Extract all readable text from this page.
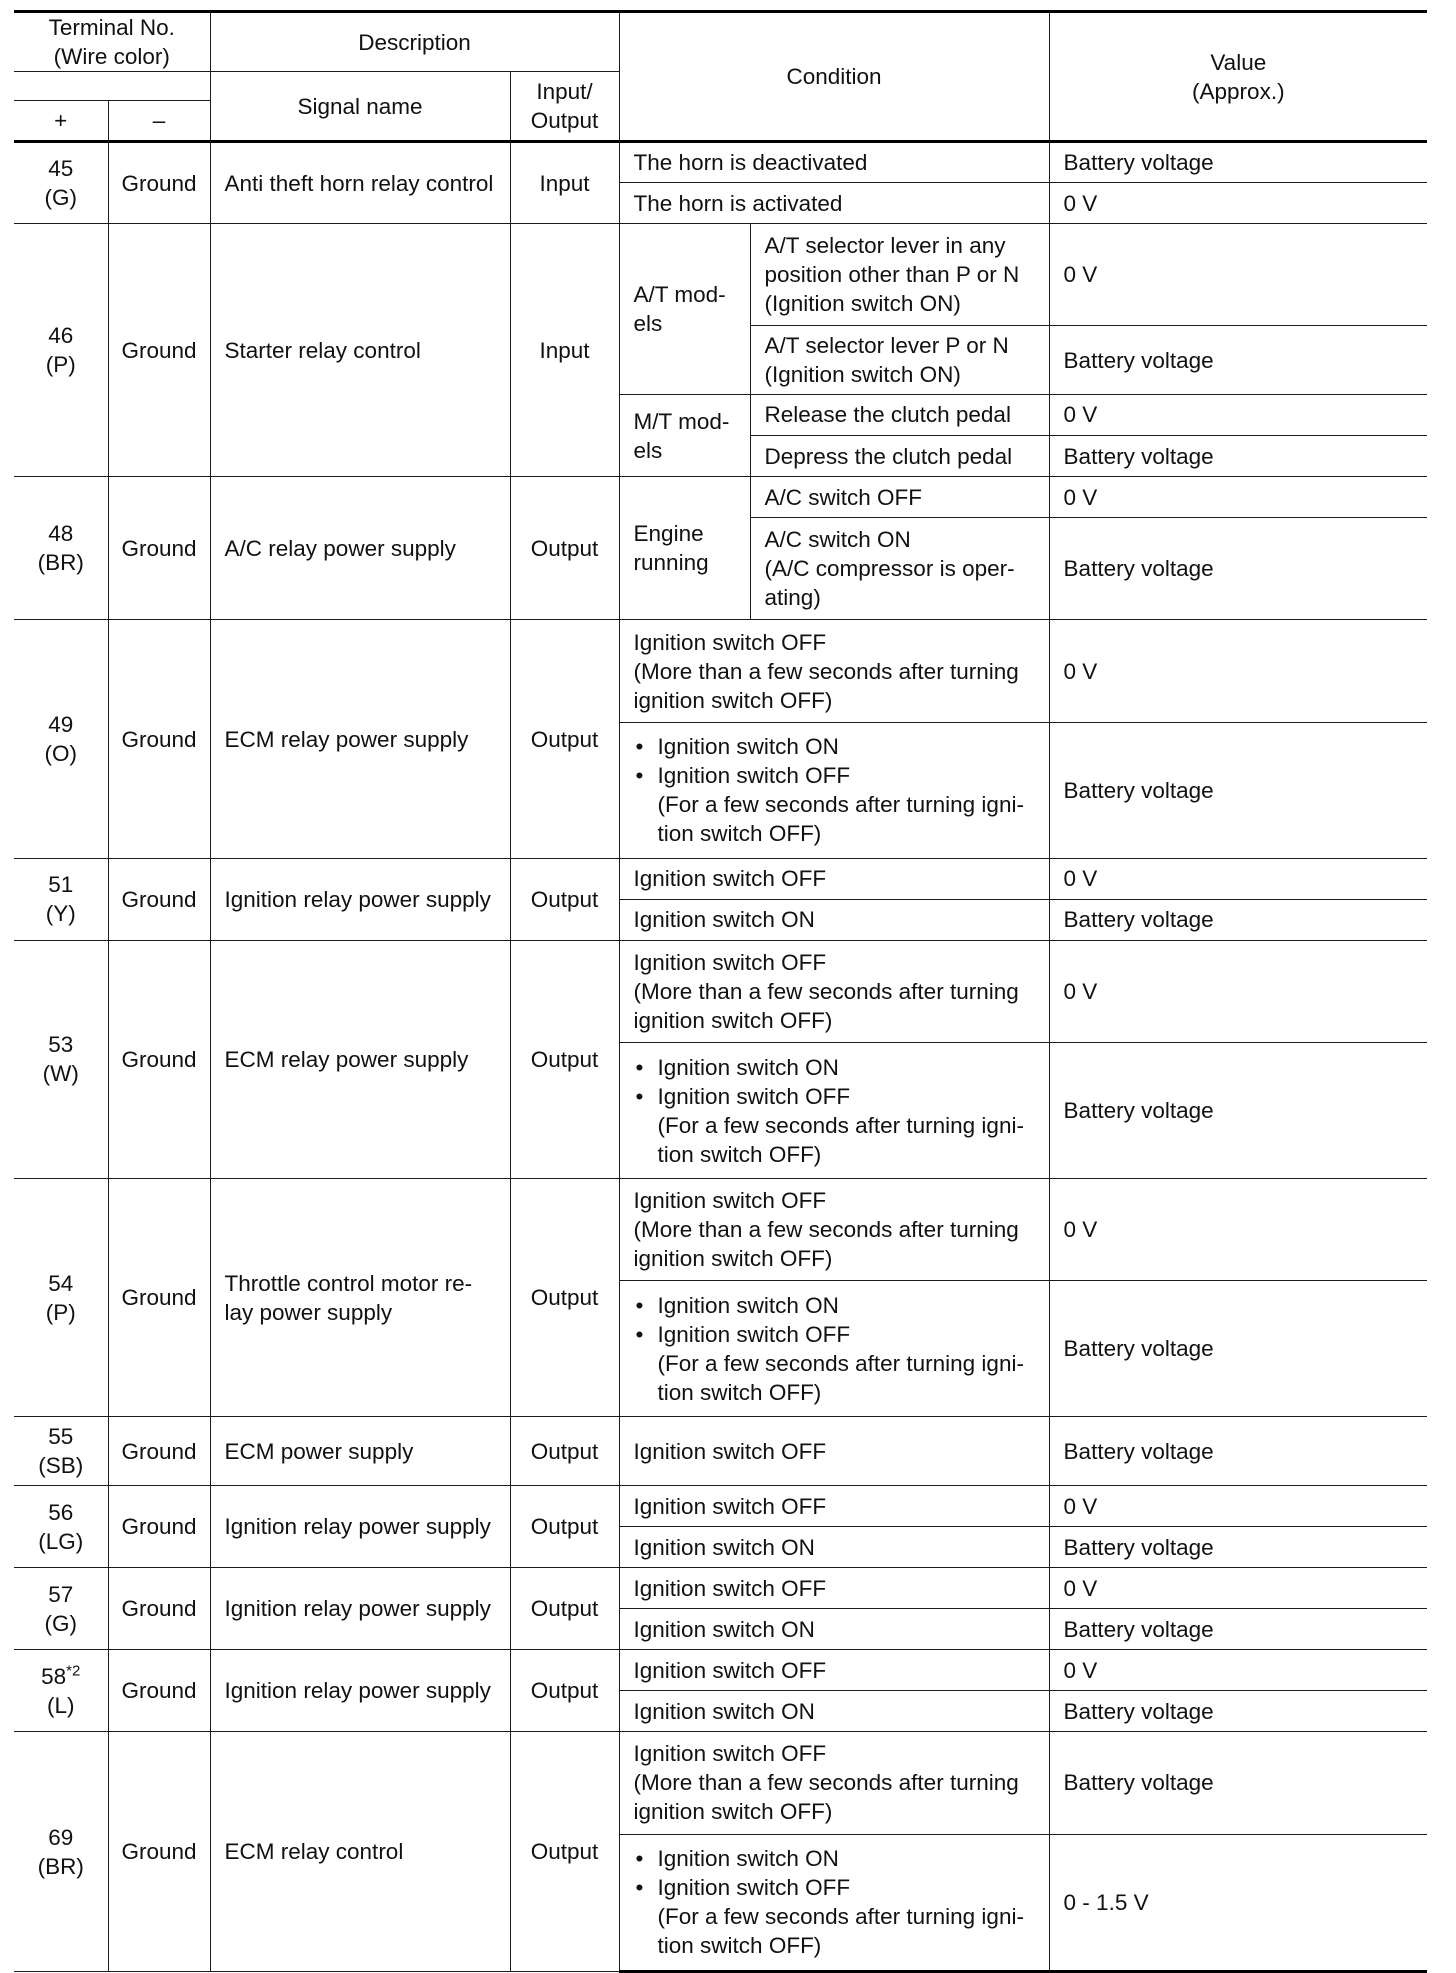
Terminal No.
(Wire color)		Description		Condition		Value
(Approx.)

		Signal name	Input/
Output			

+	–					

45
(G)	Ground	Anti theft horn relay control	Input	The horn is deactivated		Battery voltage

				The horn is activated		0 V

46
(P)	Ground	Starter relay control	Input	A/T mod-
els	A/T selector lever in any
position other than P or N
(Ignition switch ON)	0 V

					A/T selector lever P or N
(Ignition switch ON)	Battery voltage

				M/T mod-
els	Release the clutch pedal	0 V

					Depress the clutch pedal	Battery voltage

48
(BR)	Ground	A/C relay power supply	Output	Engine
running	A/C switch OFF	0 V

					A/C switch ON
(A/C compressor is oper-
ating)	Battery voltage

49
(O)	Ground	ECM relay power supply	Output	Ignition switch OFF
(More than a few seconds after turning
ignition switch OFF)		0 V

				• Ignition switch ON
• Ignition switch OFF
(For a few seconds after turning igni-
tion switch OFF)		Battery voltage

51
(Y)	Ground	Ignition relay power supply	Output	Ignition switch OFF		0 V

				Ignition switch ON		Battery voltage

53
(W)	Ground	ECM relay power supply	Output	Ignition switch OFF
(More than a few seconds after turning
ignition switch OFF)		0 V

				• Ignition switch ON
• Ignition switch OFF
(For a few seconds after turning igni-
tion switch OFF)		Battery voltage

54
(P)	Ground	Throttle control motor re-
lay power supply	Output	Ignition switch OFF
(More than a few seconds after turning
ignition switch OFF)		0 V

				• Ignition switch ON
• Ignition switch OFF
(For a few seconds after turning igni-
tion switch OFF)		Battery voltage

55
(SB)	Ground	ECM power supply	Output	Ignition switch OFF		Battery voltage

56
(LG)	Ground	Ignition relay power supply	Output	Ignition switch OFF		0 V

				Ignition switch ON		Battery voltage

57
(G)	Ground	Ignition relay power supply	Output	Ignition switch OFF		0 V

				Ignition switch ON		Battery voltage

58$^{*2}$
(L)	Ground	Ignition relay power supply	Output	Ignition switch OFF		0 V

				Ignition switch ON		Battery voltage

69
(BR)	Ground	ECM relay control	Output	Ignition switch OFF
(More than a few seconds after turning
ignition switch OFF)		Battery voltage

				• Ignition switch ON
• Ignition switch OFF
(For a few seconds after turning igni-
tion switch OFF)		0 - 1.5 V
